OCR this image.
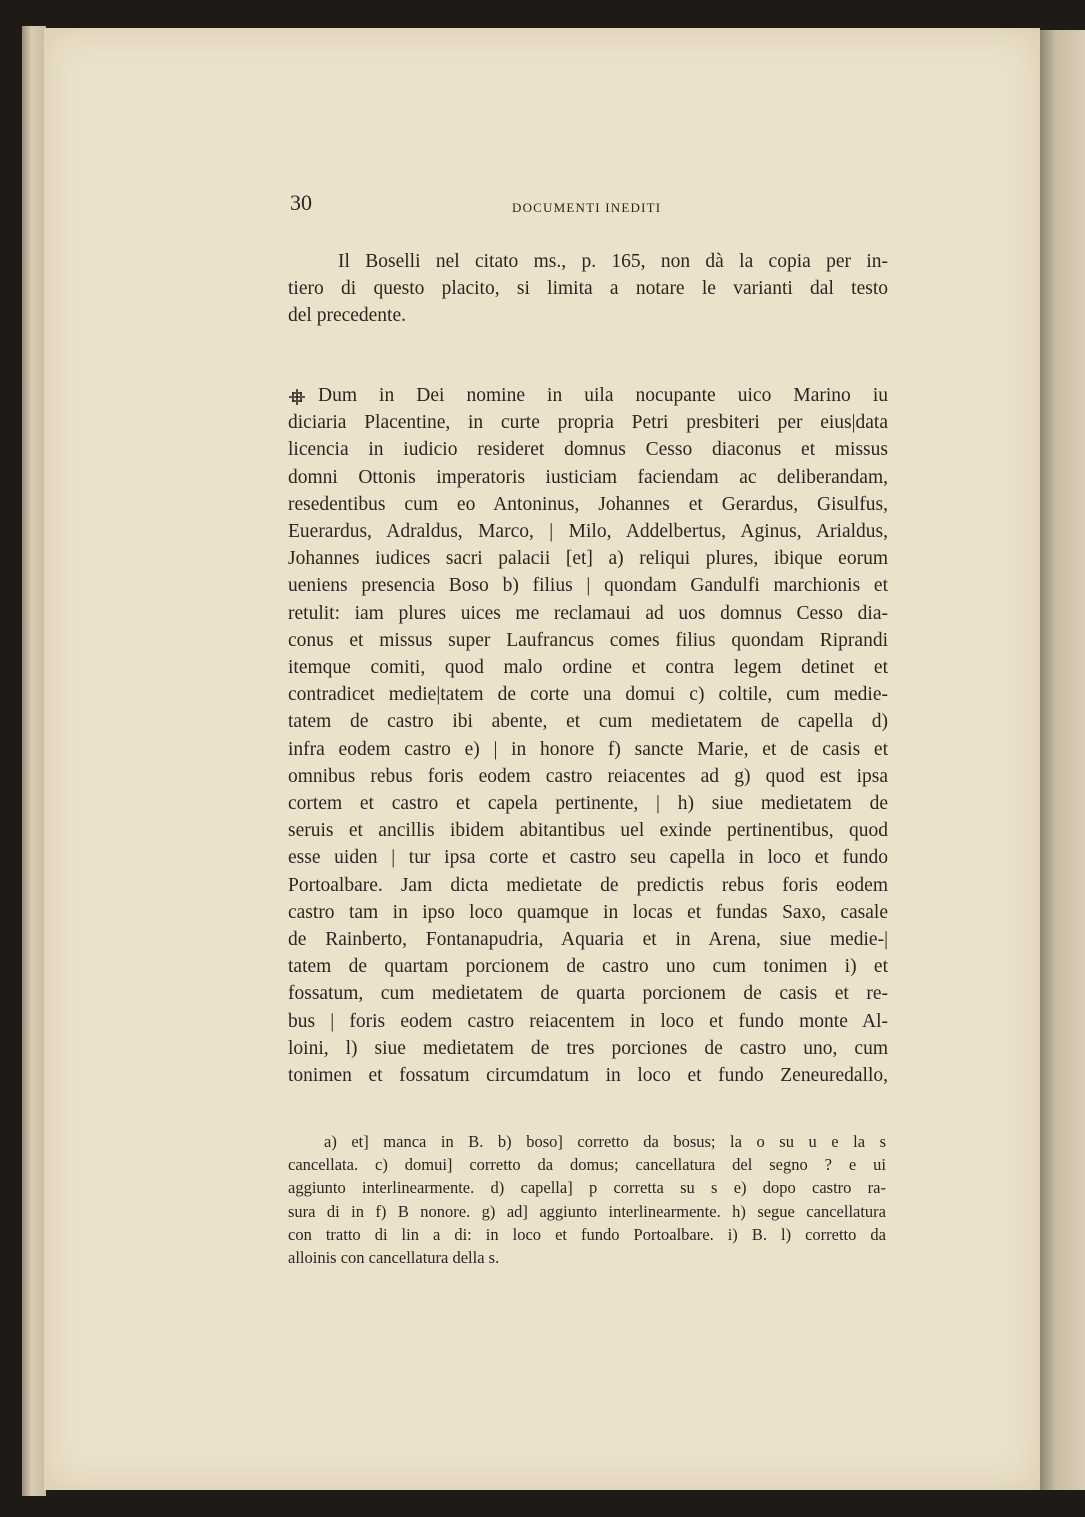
30	DOCUMENTI INEDITI
Il Boselli nel citato ms., p. 165, non dà la copia per in-
tiero di questo placito, si limita a notare le varianti dal testo
del precedente.
Dum in Dei nomine in uila nocupante uico Marino iu
diciaria Placentine, in curte propria Petri presbiteri per eius|data
licencia in iudicio resideret domnus Cesso diaconus et missus
domni Ottonis imperatoris iusticiam faciendam ac deliberandam,
resedentibus cum eo Antoninus, Johannes et Gerardus, Gisulfus,
Euerardus, Adraldus, Marco, | Milo, Addelbertus, Aginus, Arialdus,
Johannes iudices sacri palacii [et] a) reliqui plures, ibique eorum
ueniens presencia Boso b) filius | quondam Gandulfi marchionis et
retulit: iam plures uices me reclamaui ad uos domnus Cesso dia-
conus et missus super Laufrancus comes filius quondam Riprandi
itemque comiti, quod malo ordine et contra legem detinet et
contradicet medie|tatem de corte una domui c) coltile, cum medie-
tatem de castro ibi abente, et cum medietatem de capella d)
infra eodem castro e) | in honore f) sancte Marie, et de casis et
omnibus rebus foris eodem castro reiacentes ad g) quod est ipsa
cortem et castro et capela pertinente, | h) siue medietatem de
seruis et ancillis ibidem abitantibus uel exinde pertinentibus, quod
esse uiden | tur ipsa corte et castro seu capella in loco et fundo
Portoalbare. Jam dicta medietate de predictis rebus foris eodem
castro tam in ipso loco quamque in locas et fundas Saxo, casale
de Rainberto, Fontanapudria, Aquaria et in Arena, siue medie-|
tatem de quartam porcionem de castro uno cum tonimen i) et
fossatum, cum medietatem de quarta porcionem de casis et re-
bus | foris eodem castro reiacentem in loco et fundo monte Al-
loini, l) siue medietatem de tres porciones de castro uno, cum
tonimen et fossatum circumdatum in loco et fundo Zeneuredallo,
a) et] manca in B. b) boso] corretto da bosus; la o su u e la s
cancellata. c) domui] corretto da domus; cancellatura del segno ? e ui
aggiunto interlinearmente. d) capella] p corretta su s e) dopo castro ra-
sura di in f) B nonore. g) ad] aggiunto interlinearmente. h) segue cancellatura
con tratto di lin a di: in loco et fundo Portoalbare. i) B. l) corretto da
alloinis con cancellatura della s.
